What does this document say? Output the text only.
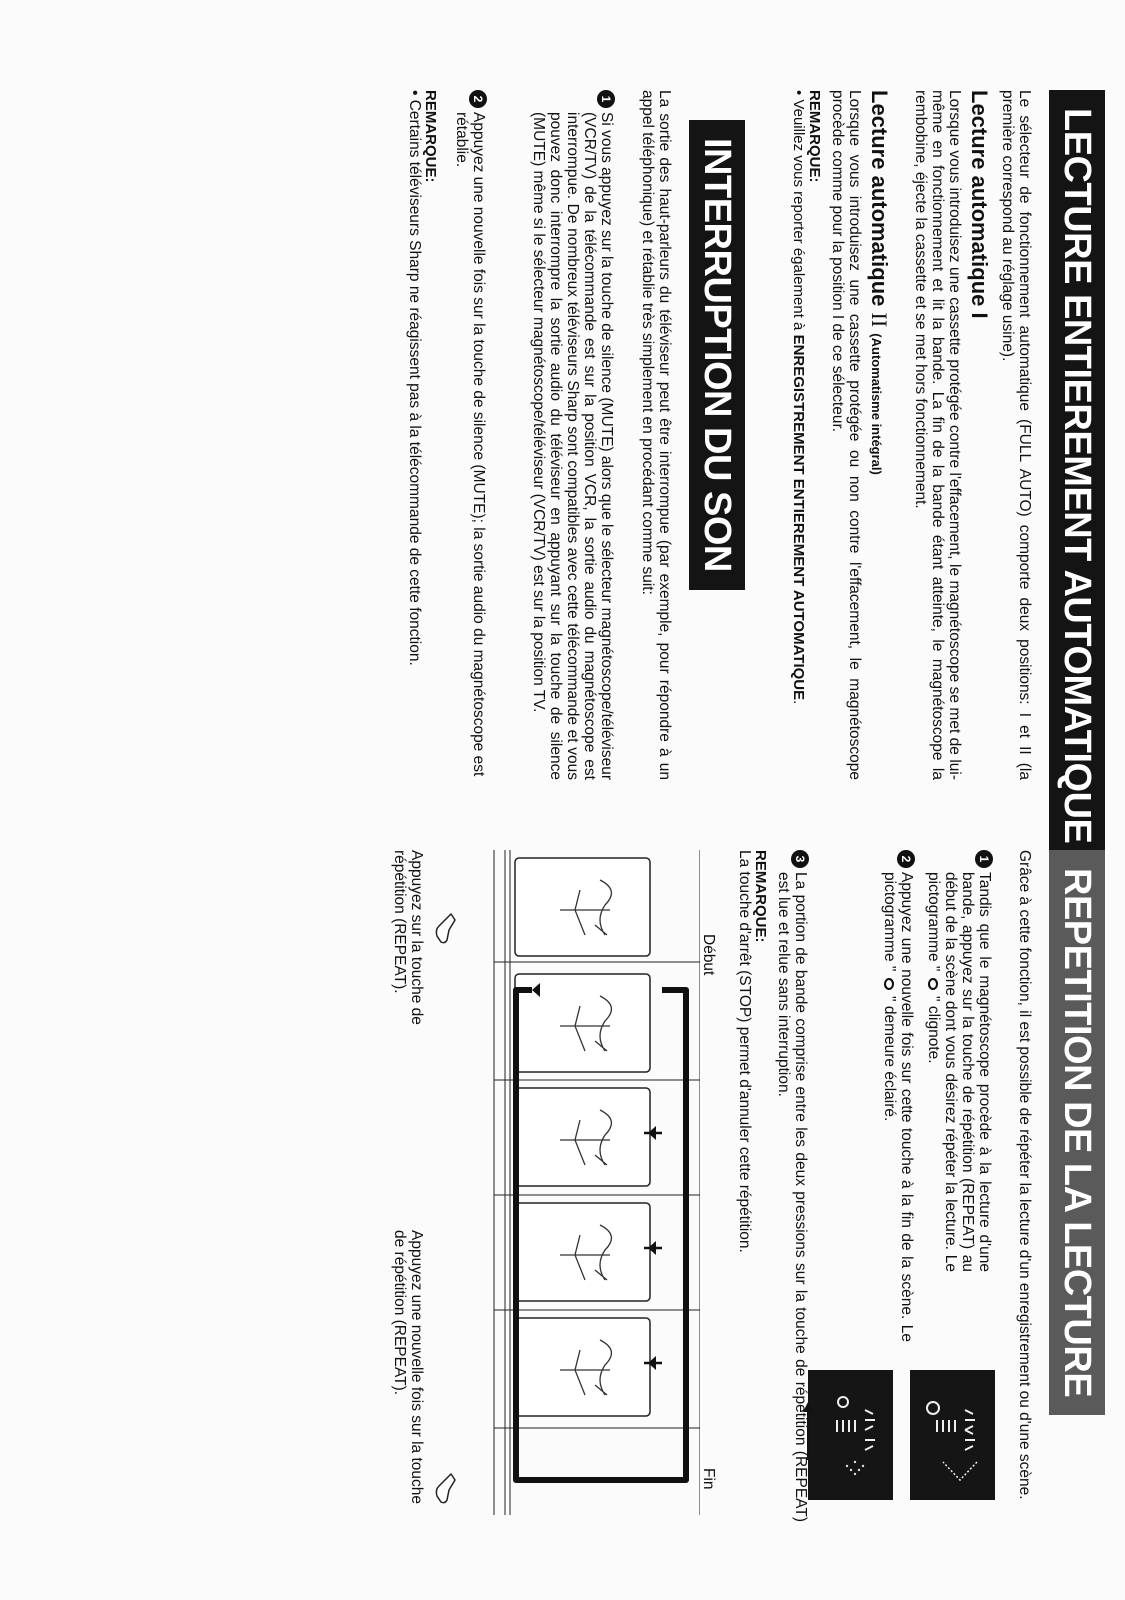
LECTURE ENTIEREMENT AUTOMATIQUE

Le sélecteur de fonctionnement automatique (FULL AUTO) comporte deux positions: I et II (la première correspond au réglage usine).

Lecture automatique I

Lorsque vous introduisez une cassette protégée contre l'effacement, le magnétoscope se met de lui-même en fonctionnement et lit la bande. La fin de la bande étant atteinte, le magnétoscope la rembobine, éjecte la cassette et se met hors fonctionnement.

Lecture automatique II (Automatisme intégral)

Lorsque vous introduisez une cassette protégée ou non contre l'effacement, le magnétoscope procède comme pour la position I de ce sélecteur.

REMARQUE:

• Veuillez vous reporter également à ENREGISTREMENT ENTIEREMENT AUTOMATIQUE.

INTERRUPTION DU SON

La sortie des haut-parleurs du téléviseur peut être interrompue (par exemple, pour répondre à un appel téléphonique) et rétablie très simplement en procédant comme suit:

1

Si vous appuyez sur la touche de silence (MUTE) alors que le sélecteur magnétoscope/téléviseur (VCR/TV) de la télécommande est sur la position VCR, la sortie audio du magnétoscope est interrompue. De nombreux téléviseurs Sharp sont compatibles avec cette télécommande et vous pouvez donc interrompre la sortie audio du téléviseur en appuyant sur la touche de silence (MUTE) même si le sélecteur magnétoscope/téléviseur (VCR/TV) est sur la position TV.

2

Appuyez une nouvelle fois sur la touche de silence (MUTE); la sortie audio du magnétoscope est rétablie.

REMARQUE:

• Certains téléviseurs Sharp ne réagissent pas à la télécommande de cette fonction.

REPETITION DE LA LECTURE

Grâce à cette fonction, il est possible de répéter la lecture d'un enregistrement ou d'une scène.

1

Tandis que le magnétoscope procède à la lecture d'une bande, appuyez sur la touche de répétition (REPEAT) au début de la scène dont vous désirez répéter la lecture. Le pictogramme "  " clignote.

2

Appuyez une nouvelle fois sur cette touche à la fin de la scène. Le pictogramme "  " demeure éclairé.

3

La portion de bande comprise entre les deux pressions sur la touche de répétition (REPEAT) est lue et relue sans interruption.

REMARQUE:

La touche d'arrêt (STOP) permet d'annuler cette répétition.

Début
Fin

Appuyez sur la touche de répétition (REPEAT).

Appuyez une nouvelle fois sur la touche de répétition (REPEAT).
